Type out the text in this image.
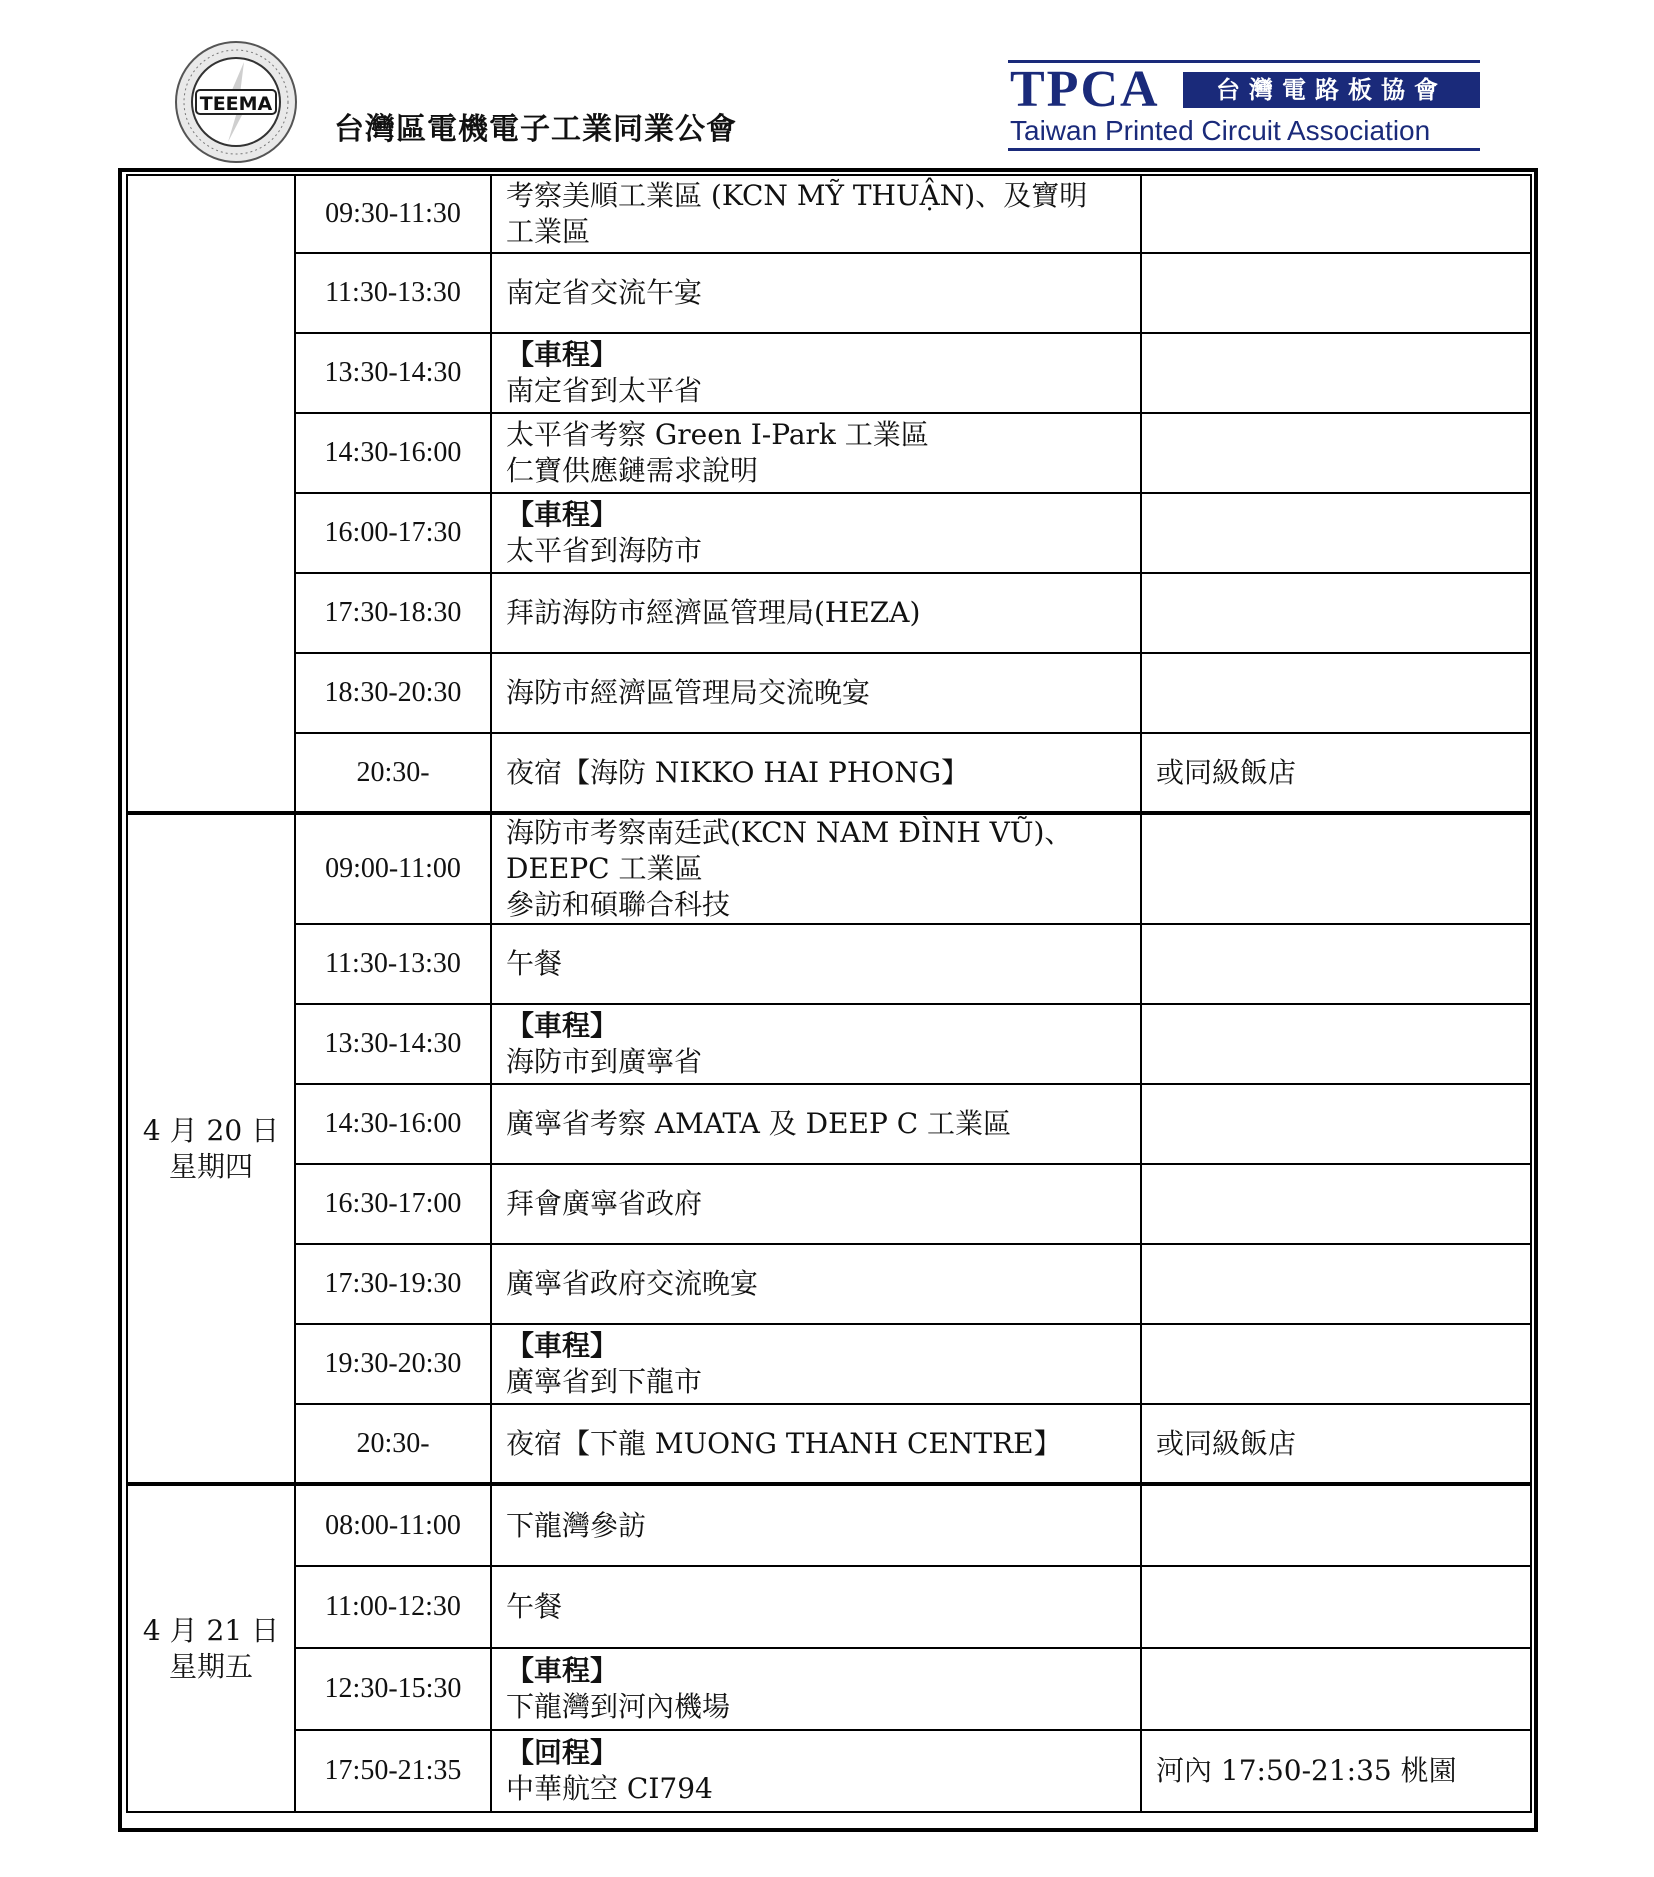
TEEMA
台灣區電機電子工業同業公會
TPCA	台灣電路板協會
Taiwan Printed Circuit Association
	09:30-11:30	考察美順工業區 (KCN MỸ THUẬN)、及寶明
工業區	

	11:30-13:30	南定省交流午宴	

	13:30-14:30	【車程】
南定省到太平省	

	14:30-16:00	太平省考察 Green I-Park 工業區
仁寶供應鏈需求說明	

	16:00-17:30	【車程】
太平省到海防市	

	17:30-18:30	拜訪海防市經濟區管理局(HEZA)	

	18:30-20:30	海防市經濟區管理局交流晚宴	

	20:30-	夜宿【海防 NIKKO HAI PHONG】	或同級飯店

4 月 20 日
星期四	09:00-11:00	海防市考察南廷武(KCN NAM ĐÌNH VŨ)、
DEEPC 工業區
參訪和碩聯合科技	

	11:30-13:30	午餐	

	13:30-14:30	【車程】
海防市到廣寧省	

	14:30-16:00	廣寧省考察 AMATA 及 DEEP C 工業區	

	16:30-17:00	拜會廣寧省政府	

	17:30-19:30	廣寧省政府交流晚宴	

	19:30-20:30	【車程】
廣寧省到下龍市	

	20:30-	夜宿【下龍 MUONG THANH CENTRE】	或同級飯店

4 月 21 日
星期五	08:00-11:00	下龍灣參訪	

	11:00-12:30	午餐	

	12:30-15:30	【車程】
下龍灣到河內機場	

	17:50-21:35	【回程】
中華航空 CI794	河內 17:50-21:35 桃園
